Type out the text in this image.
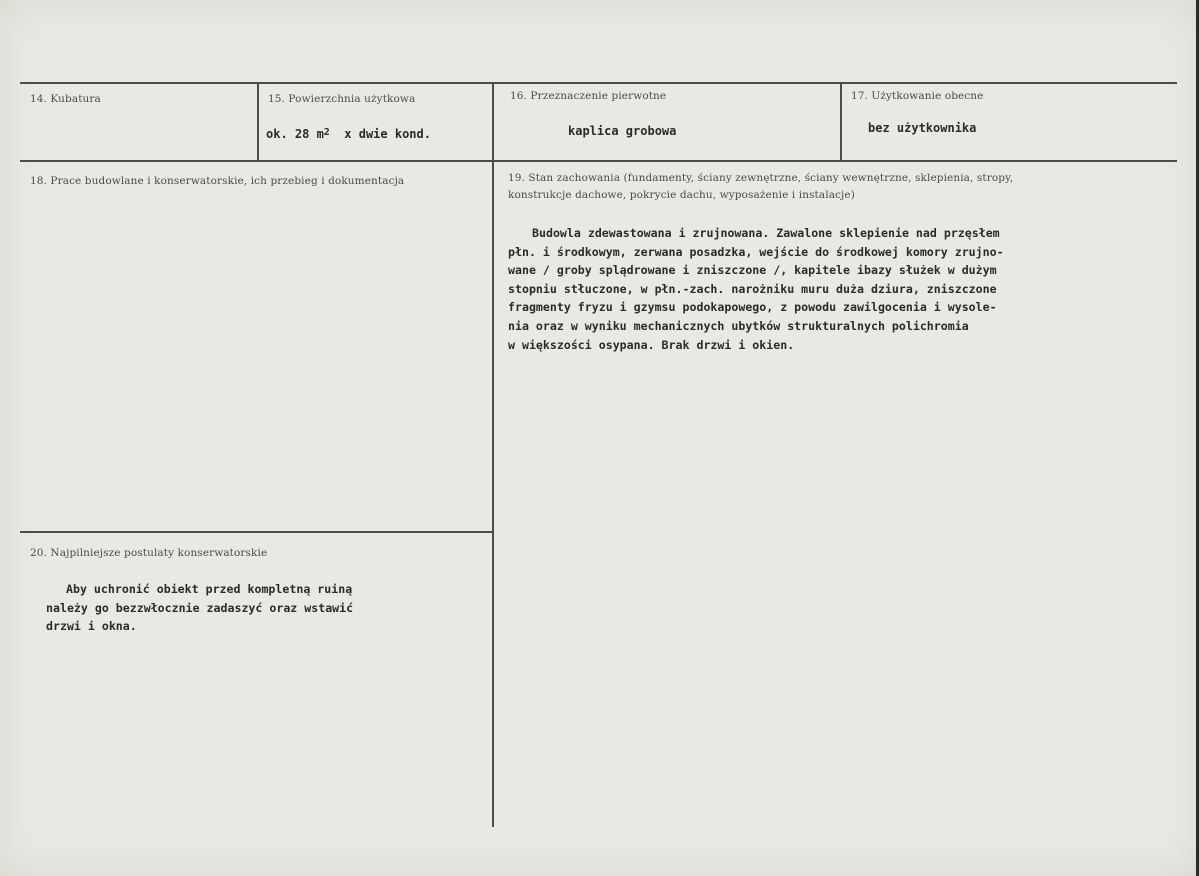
14. Kubatura	15. Powierzchnia użytkowa
ok. 28 $m^2$ x dwie kond.
16. Przeznaczenie pierwotne
kaplica grobowa
17. Użytkowanie obecne
bez użytkownika
18. Prace budowlane i konserwatorskie, ich przebieg i dokumentacja	19. Stan zachowania (fundamenty, ściany zewnętrzne, ściany wewnętrzne, sklepienia, stropy, konstrukcje dachowe, pokrycie dachu, wyposażenie i instalacje)
Budowla zdewastowana i zrujnowana. Zawalone sklepienie nad przęsłem
płn. i środkowym, zerwana posadzka, wejście do środkowej komory zrujno-
wane / groby splądrowane i zniszczone /, kapitele ibazy służek w dużym
stopniu stłuczone, w płn.-zach. narożniku muru duża dziura, zniszczone
fragmenty fryzu i gzymsu podokapowego, z powodu zawilgocenia i wysole-
nia oraz w wyniku mechanicznych ubytków strukturalnych polichromia
w większości osypana. Brak drzwi i okien.
20. Najpilniejsze postulaty konserwatorskie
Aby uchronić obiekt przed kompletną ruiną
należy go bezzwłocznie zadaszyć oraz wstawić
drzwi i okna.
